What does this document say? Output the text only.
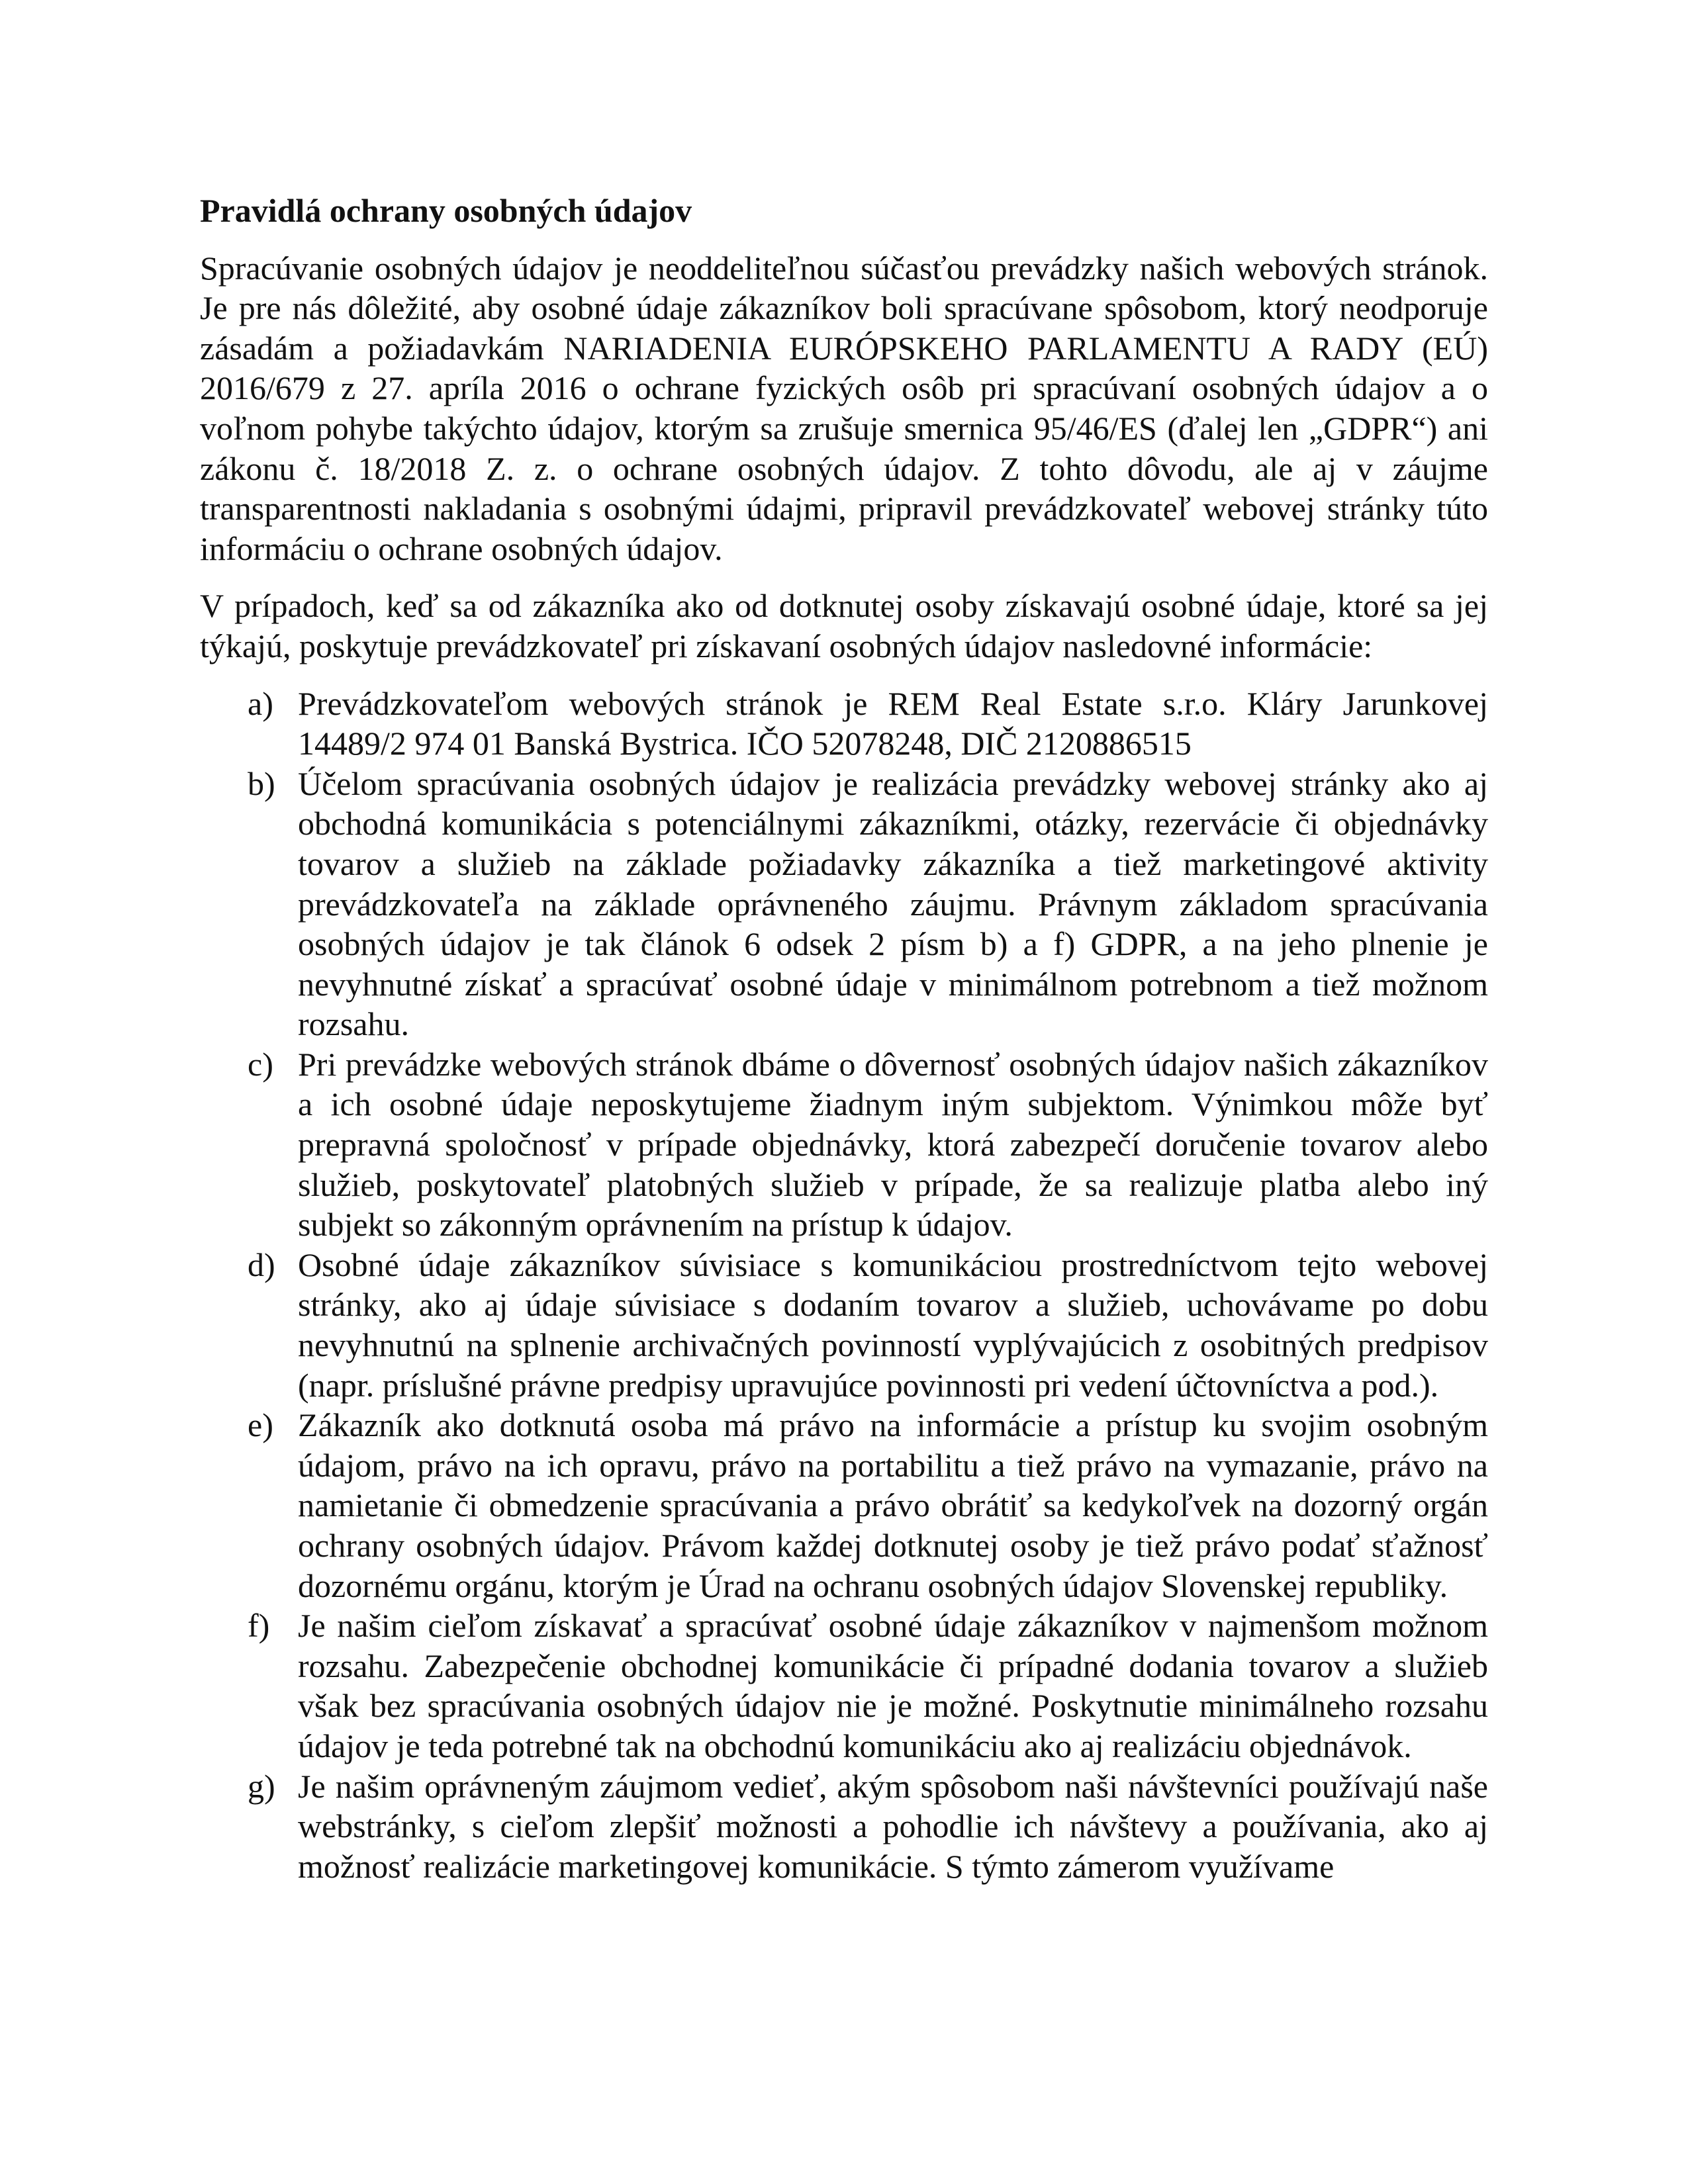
Pravidlá ochrany osobných údajov
Spracúvanie osobných údajov je neoddeliteľnou súčasťou prevádzky našich webových stránok. Je pre nás dôležité, aby osobné údaje zákazníkov boli spracúvane spôsobom, ktorý neodporuje zásadám a požiadavkám NARIADENIA EURÓPSKEHO PARLAMENTU A RADY (EÚ) 2016/679 z 27. apríla 2016 o ochrane fyzických osôb pri spracúvaní osobných údajov a o voľnom pohybe takýchto údajov, ktorým sa zrušuje smernica 95/46/ES (ďalej len „GDPR“) ani zákonu č. 18/2018 Z. z. o ochrane osobných údajov. Z tohto dôvodu, ale aj v záujme transparentnosti nakladania s osobnými údajmi, pripravil prevádzkovateľ webovej stránky túto informáciu o ochrane osobných údajov.
V prípadoch, keď sa od zákazníka ako od dotknutej osoby získavajú osobné údaje, ktoré sa jej týkajú, poskytuje prevádzkovateľ pri získavaní osobných údajov nasledovné informácie:
a) Prevádzkovateľom webových stránok je REM Real Estate s.r.o. Kláry Jarunkovej 14489/2 974 01 Banská Bystrica. IČO 52078248, DIČ 2120886515
b) Účelom spracúvania osobných údajov je realizácia prevádzky webovej stránky ako aj obchodná komunikácia s potenciálnymi zákazníkmi, otázky, rezervácie či objednávky tovarov a služieb na základe požiadavky zákazníka a tiež marketingové aktivity prevádzkovateľa na základe oprávneného záujmu. Právnym základom spracúvania osobných údajov je tak článok 6 odsek 2 písm b) a f) GDPR, a na jeho plnenie je nevyhnutné získať a spracúvať osobné údaje v minimálnom potrebnom a tiež možnom rozsahu.
c) Pri prevádzke webových stránok dbáme o dôvernosť osobných údajov našich zákazníkov a ich osobné údaje neposkytujeme žiadnym iným subjektom. Výnimkou môže byť prepravná spoločnosť v prípade objednávky, ktorá zabezpečí doručenie tovarov alebo služieb, poskytovateľ platobných služieb v prípade, že sa realizuje platba alebo iný subjekt so zákonným oprávnením na prístup k údajov.
d) Osobné údaje zákazníkov súvisiace s komunikáciou prostredníctvom tejto webovej stránky, ako aj údaje súvisiace s dodaním tovarov a služieb, uchovávame po dobu nevyhnutnú na splnenie archivačných povinností vyplývajúcich z osobitných predpisov (napr. príslušné právne predpisy upravujúce povinnosti pri vedení účtovníctva a pod.).
e) Zákazník ako dotknutá osoba má právo na informácie a prístup ku svojim osobným údajom, právo na ich opravu, právo na portabilitu a tiež právo na vymazanie, právo na namietanie či obmedzenie spracúvania a právo obrátiť sa kedykoľvek na dozorný orgán ochrany osobných údajov. Právom každej dotknutej osoby je tiež právo podať sťažnosť dozornému orgánu, ktorým je Úrad na ochranu osobných údajov Slovenskej republiky.
f) Je našim cieľom získavať a spracúvať osobné údaje zákazníkov v najmenšom možnom rozsahu. Zabezpečenie obchodnej komunikácie či prípadné dodania tovarov a služieb však bez spracúvania osobných údajov nie je možné. Poskytnutie minimálneho rozsahu údajov je teda potrebné tak na obchodnú komunikáciu ako aj realizáciu objednávok.
g) Je našim oprávneným záujmom vedieť, akým spôsobom naši návštevníci používajú naše webstránky, s cieľom zlepšiť možnosti a pohodlie ich návštevy a používania, ako aj možnosť realizácie marketingovej komunikácie. S týmto zámerom využívame
